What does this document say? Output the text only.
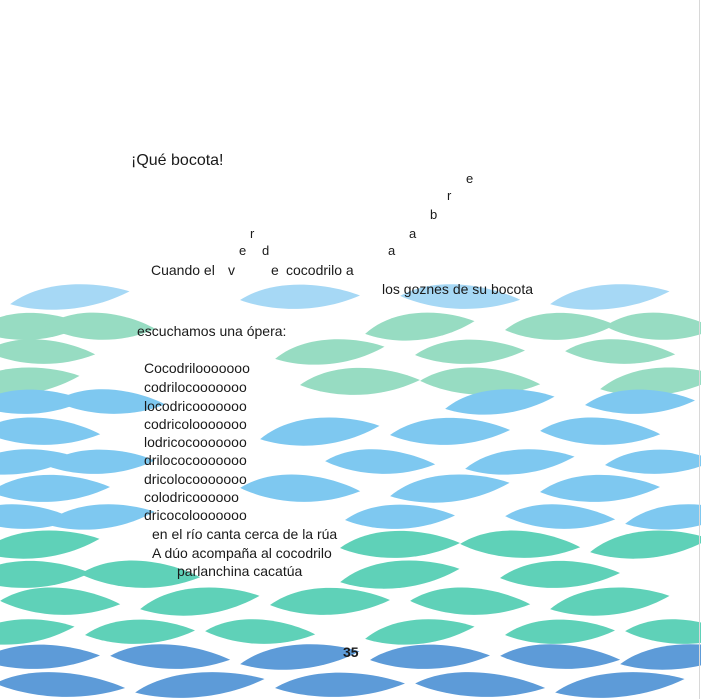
¡Qué bocota!
e
r
d	a
a
b
r
e
Cuando el v	e cocodrilo a
los goznes de su bocota
escuchamos una ópera:
Cocodrilooooooo
codrilocooooooo
locodricooooooo
codricolooooooo
lodricocooooooo
drilococooooooo
dricolocooooooo
colodricoooooo
dricocolooooooo
en el río canta cerca de la rúa
A dúo acompaña al cocodrilo
parlanchina cacatúa
35
